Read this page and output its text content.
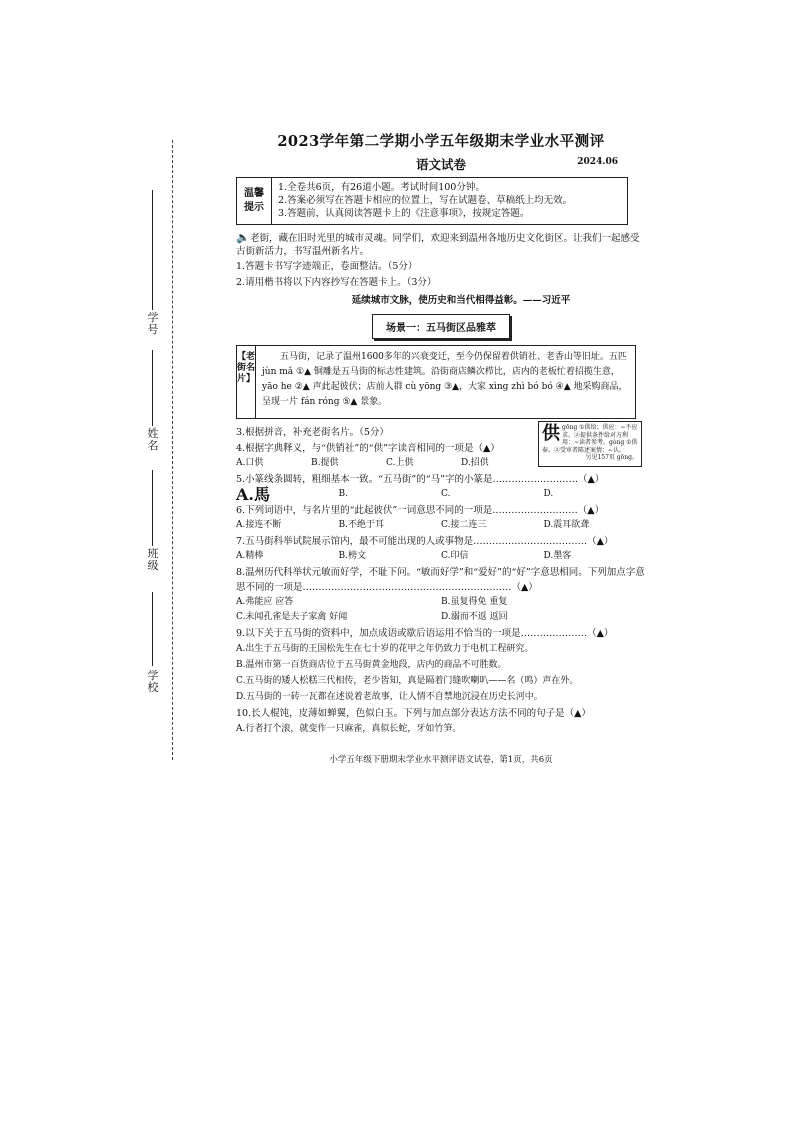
学号
姓名
班级
学校
2023学年第二学期小学五年级期末学业水平测评
语文试卷	2024.06
温馨
提示
1.全卷共6页，有26道小题。考试时间100分钟。
2.答案必须写在答题卡相应的位置上，写在试题卷、草稿纸上均无效。
3.答题前，认真阅读答题卡上的《注意事项》，按规定答题。
🔈老街，藏在旧时光里的城市灵魂。同学们，欢迎来到温州各地历史文化街区。让我们一起感受古街新活力，书写温州新名片。
1.答题卡书写字迹端正，卷面整洁。（5分）
2.请用楷书将以下内容抄写在答题卡上。（3分）
延续城市文脉，使历史和当代相得益彰。——习近平
场景一：五马街区品雅萃
【老街名片】
五马街，记录了温州1600多年的兴衰变迁，至今仍保留着供销社、老香山等旧址。五匹 jùn mǎ ①▲ 铜雕是五马街的标志性建筑。沿街商店鳞次栉比，店内的老板忙着招揽生意，yāo he ②▲ 声此起彼伏；店前人群 cù yōng ③▲，大家 xìng zhì bó bó ④▲ 地采购商品，呈现一片 fán róng ⑤▲ 景象。
供 gōng ①供给；供应：~不应求。②提供条件给对方利用：~读者参考。gòng ①供奉。②受审者陈述案情：~认。
另见157页 gōng。
3.根据拼音，补充老街名片。（5分）
4.根据字典释义，与“供销社”的“供”字读音相同的一项是（▲）
A.口供	B.提供	C.上供	D.招供
5.小篆线条圆转，粗细基本一致。“五马街”的“马”字的小篆是………………………（▲）
A.馬	B.	C.	D.
6.下列词语中，与名片里的“此起彼伏”一词意思不同的一项是………………………（▲）
A.接连不断	B.不绝于耳	C.接二连三	D.震耳欲聋
7.五马街科举试院展示馆内，最不可能出现的人或事物是………………………………（▲）
A.精棒	B.榜文	C.印信	D.墨客
8.温州历代科举状元敏而好学，不耻下问。“敏而好学”和“爱好”的“好”字意思相同。下列加点字意思不同的一项是…………………………………………………………（▲）
A.弗能应 应答	B.虽复得免 重复
C.未闻孔雀是夫子家禽 好闻	D.溺而不返 返回
9.以下关于五马街的资料中，加点成语或歇后语运用不恰当的一项是…………………（▲）
A.出生于五马街的王国松先生在七十岁的花甲之年仍致力于电机工程研究。
B.温州市第一百货商店位于五马街黄金地段，店内的商品不可胜数。
C.五马街的矮人松糕三代相传，老少皆知，真是隔着门缝吹喇叭——名（鸣）声在外。
D.五马街的一砖一瓦都在述说着老故事，让人情不自禁地沉浸在历史长河中。
10.长人棍饨，皮薄如蝉翼，色似白玉。下列与加点部分表达方法不同的句子是（▲）
A.行者打个滚，就变作一只麻雀，真似长蛇，牙如竹笋。
小学五年级下册期末学业水平测评语文试卷，第1页，共6页
